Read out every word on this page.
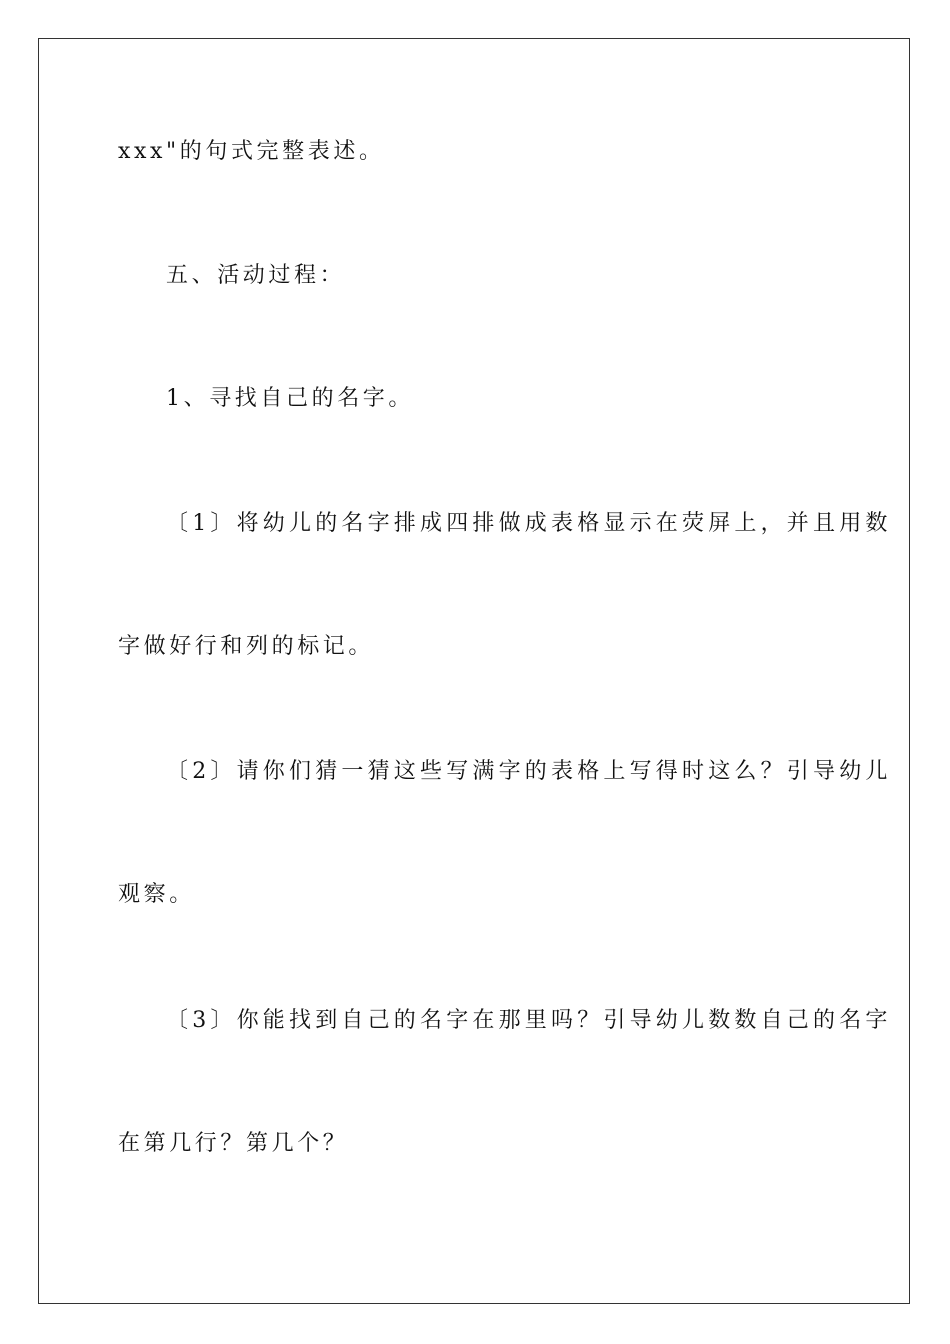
xxx"的句式完整表述。
五、活动过程：
1、寻找自己的名字。
〔1〕将幼儿的名字排成四排做成表格显示在荧屏上，并且用数
字做好行和列的标记。
〔2〕请你们猜一猜这些写满字的表格上写得时这么？引导幼儿
观察。
〔3〕你能找到自己的名字在那里吗？引导幼儿数数自己的名字
在第几行？第几个？
